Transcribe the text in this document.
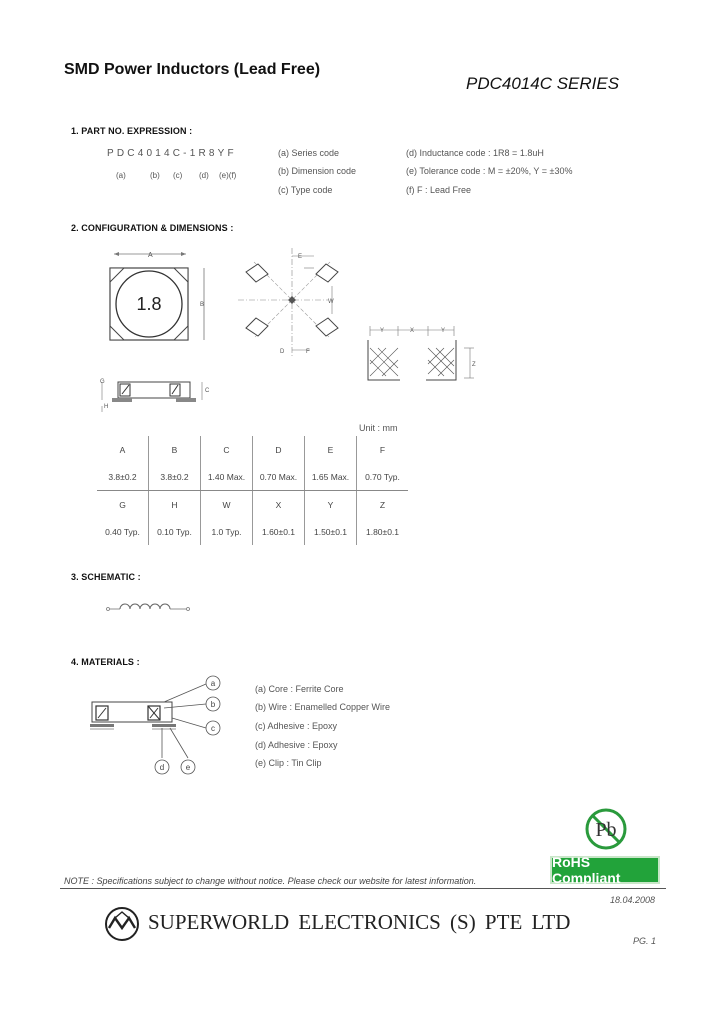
SMD Power Inductors (Lead Free)
PDC4014C SERIES
1. PART NO. EXPRESSION :
PDC4014C-1R8YF
(a)	(b) (c) (d) (e)(f)
(a) Series code
(b) Dimension code
(c) Type code
(d) Inductance code : 1R8 = 1.8uH
(e) Tolerance code : M = ±20%, Y = ±30%
(f) F : Lead Free
2. CONFIGURATION & DIMENSIONS :
A
1.8	B
E
W
D	F
Y	X	Y
Z
G
C
H
Unit : mm
A	B	C	D	E	F
3.8±0.2	3.8±0.2	1.40 Max.	0.70 Max.	1.65 Max.	0.70 Typ.
G	H	W	X	Y	Z
0.40 Typ.	0.10 Typ.	1.0 Typ.	1.60±0.1	1.50±0.1	1.80±0.1
3. SCHEMATIC :
4. MATERIALS :
a
b
c
d	e
(a) Core : Ferrite Core
(b) Wire : Enamelled Copper Wire
(c) Adhesive : Epoxy
(d) Adhesive : Epoxy
(e) Clip : Tin Clip
Pb
RoHS Compliant
NOTE : Specifications subject to change without notice. Please check our website for latest information.
18.04.2008
SUPERWORLD ELECTRONICS (S) PTE LTD
PG. 1
